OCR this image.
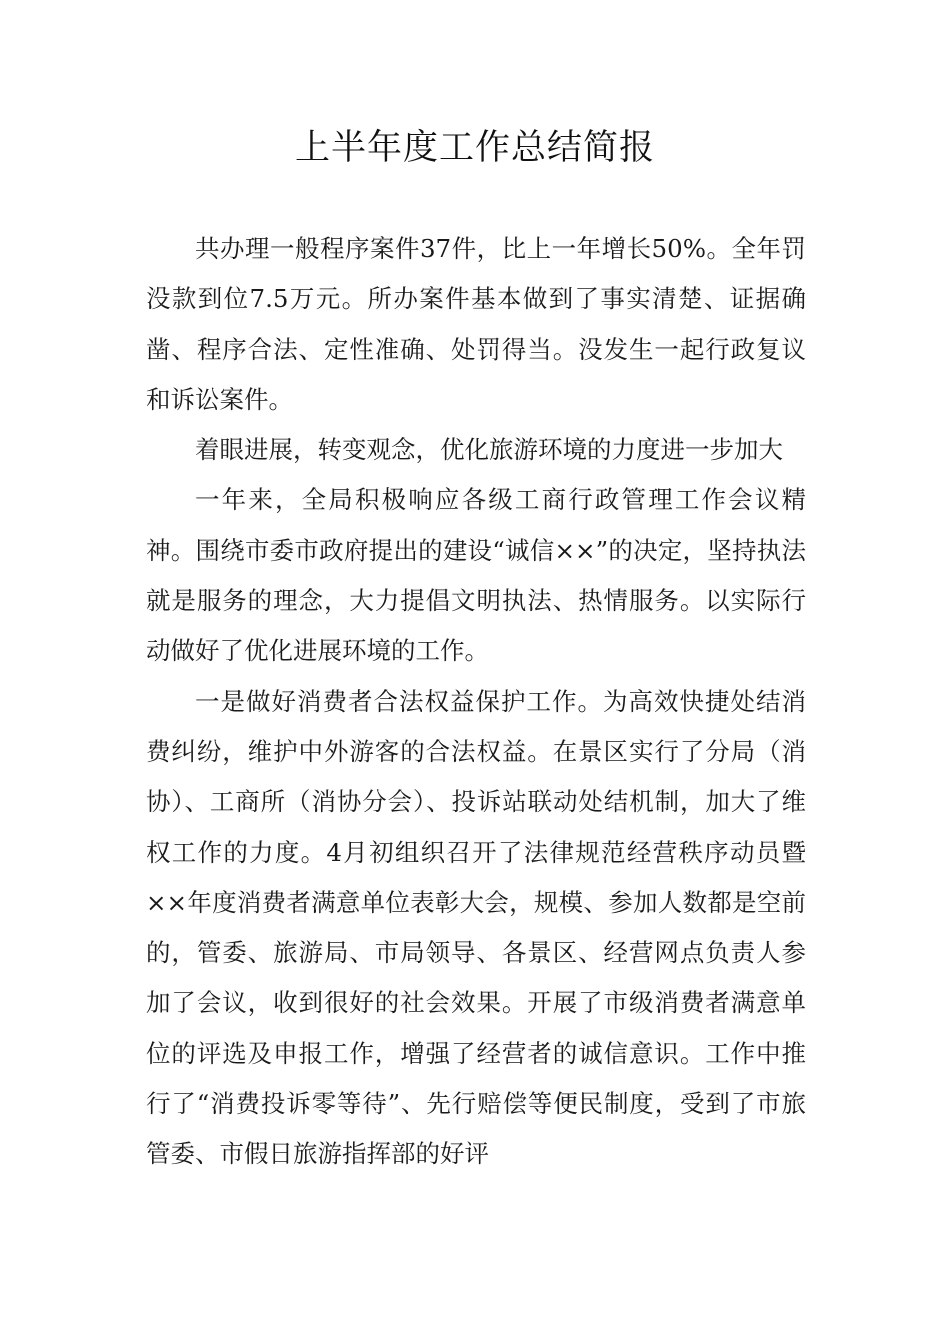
上半年度工作总结简报

共办理一般程序案件37件，比上一年增长50%。全年罚没款到位7.5万元。所办案件基本做到了事实清楚、证据确凿、程序合法、定性准确、处罚得当。没发生一起行政复议和诉讼案件。

着眼进展，转变观念，优化旅游环境的力度进一步加大

一年来，全局积极响应各级工商行政管理工作会议精神。围绕市委市政府提出的建设“诚信××”的决定，坚持执法就是服务的理念，大力提倡文明执法、热情服务。以实际行动做好了优化进展环境的工作。

一是做好消费者合法权益保护工作。为高效快捷处结消费纠纷，维护中外游客的合法权益。在景区实行了分局（消协）、工商所（消协分会）、投诉站联动处结机制，加大了维权工作的力度。4月初组织召开了法律规范经营秩序动员暨××年度消费者满意单位表彰大会，规模、参加人数都是空前的，管委、旅游局、市局领导、各景区、经营网点负责人参加了会议，收到很好的社会效果。开展了市级消费者满意单位的评选及申报工作，增强了经营者的诚信意识。工作中推行了“消费投诉零等待”、先行赔偿等便民制度，受到了市旅管委、市假日旅游指挥部的好评
